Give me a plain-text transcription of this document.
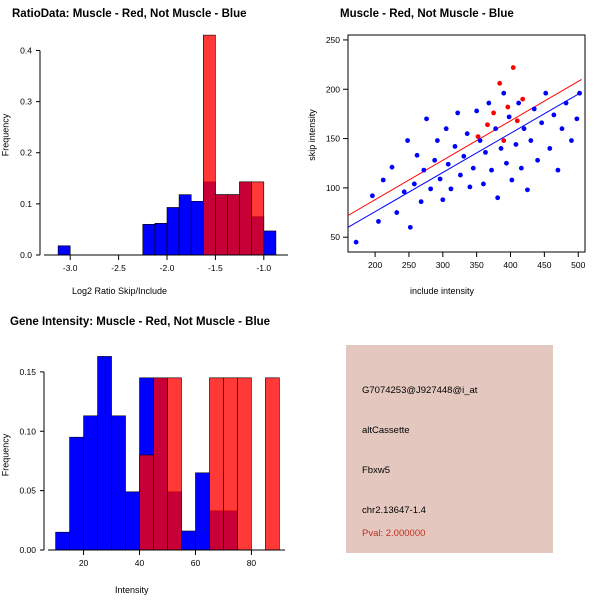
RatioData: Muscle - Red, Not Muscle - Blue
0.0
0.1
0.2
0.3
0.4
-3.0	-2.5	-2.0	-1.5	-1.0
Log2 Ratio Skip/Include
Frequency
Muscle - Red, Not Muscle - Blue
50
100
150
200
250
200 250 300 350 400 450 500
include intensity
skip intensity
Gene Intensity: Muscle - Red, Not Muscle - Blue
0.00
0.05
0.10
0.15
20	40	60	80
Intensity
Frequency
G7074253@J927448@i_at
altCassette
Fbxw5
chr2.13647-1.4
Pval: 2.000000
